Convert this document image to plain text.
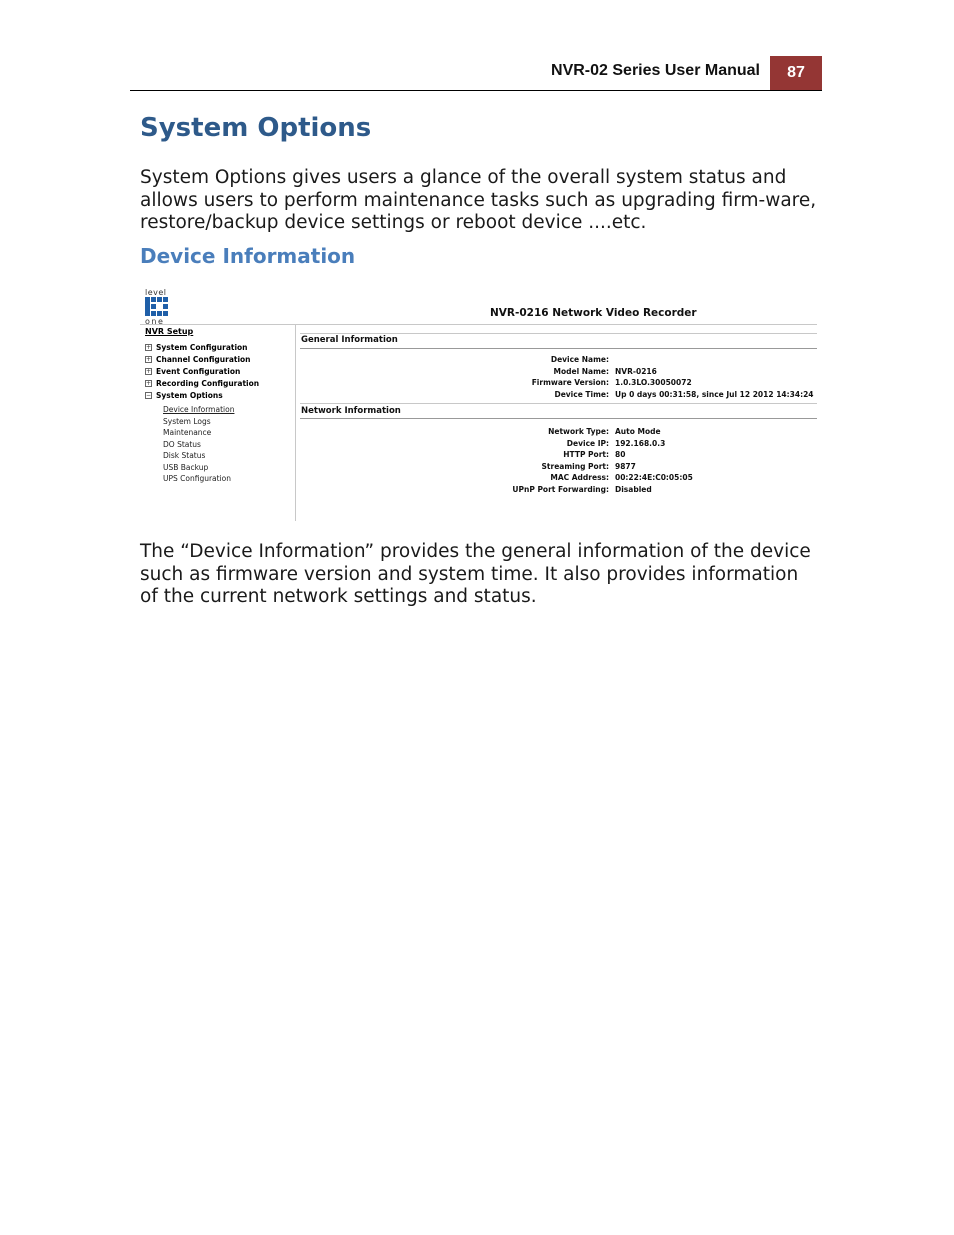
NVR-02 Series User Manual	87
System Options

System Options gives users a glance of the overall system status and allows users to perform maintenance tasks such as upgrading firm-ware, restore/backup device settings or reboot device ....etc.

Device Information
level
one
NVR-0216 Network Video Recorder
NVR Setup
+ System Configuration
+ Channel Configuration
+ Event Configuration
+ Recording Configuration
− System Options
Device Information
System Logs
Maintenance
DO Status
Disk Status
USB Backup
UPS Configuration
General Information
Device Name:
Model Name: NVR-0216
Firmware Version: 1.0.3LO.30050072
Device Time: Up 0 days 00:31:58, since Jul 12 2012 14:34:24
Network Information
Network Type: Auto Mode
Device IP: 192.168.0.3
HTTP Port: 80
Streaming Port: 9877
MAC Address: 00:22:4E:C0:05:05
UPnP Port Forwarding: Disabled

The “Device Information” provides the general information of the device such as firmware version and system time. It also provides information of the current network settings and status.
